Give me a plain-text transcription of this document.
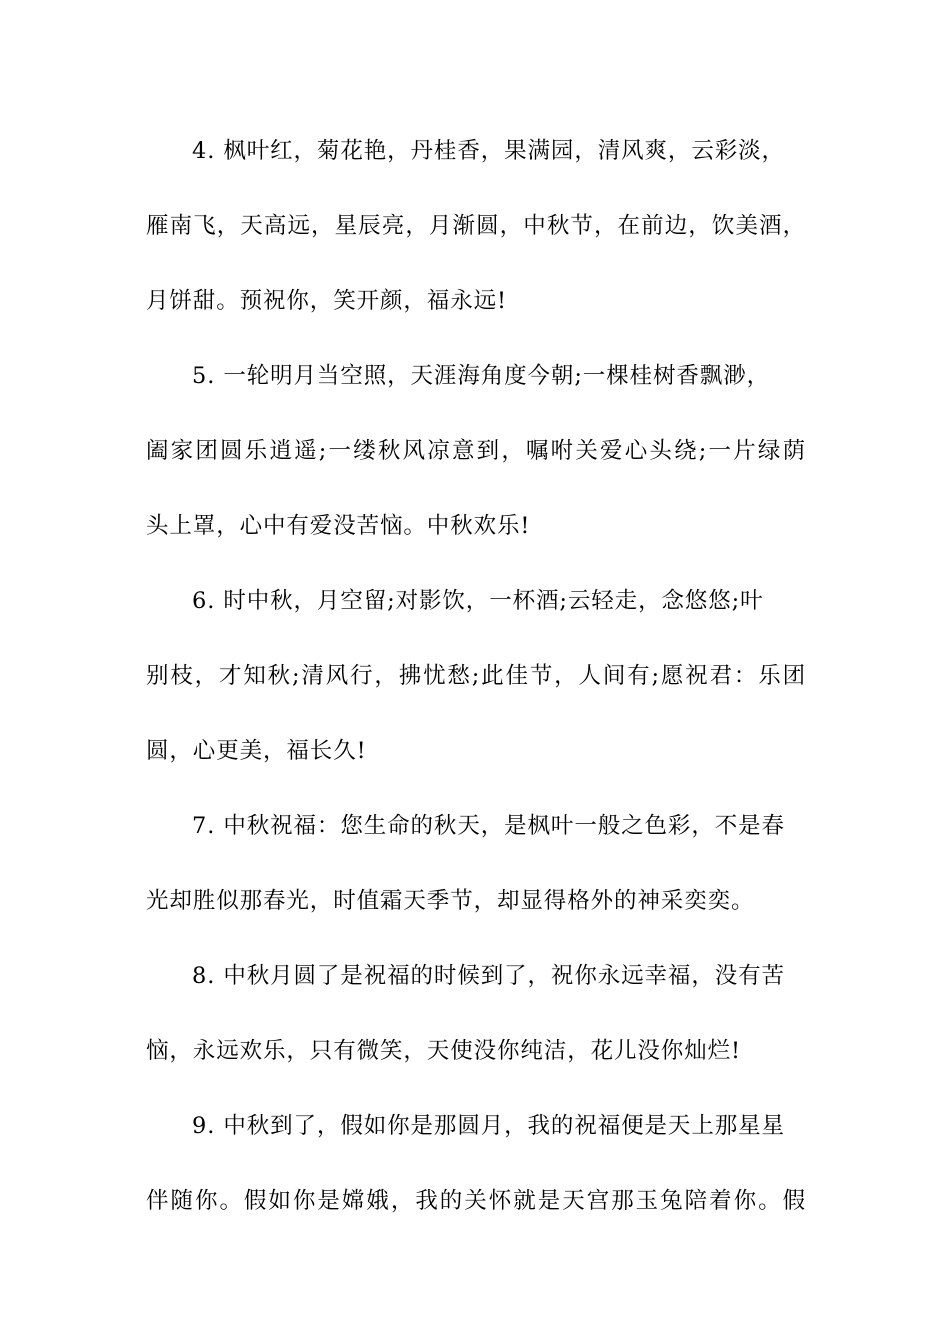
4. 枫叶红，菊花艳，丹桂香，果满园，清风爽，云彩淡，
雁南飞，天高远，星辰亮，月渐圆，中秋节，在前边，饮美酒，
月饼甜。预祝你，笑开颜，福永远!
5. 一轮明月当空照，天涯海角度今朝;一棵桂树香飘渺，
阖家团圆乐逍遥;一缕秋风凉意到，嘱咐关爱心头绕;一片绿荫
头上罩，心中有爱没苦恼。中秋欢乐!
6. 时中秋，月空留;对影饮，一杯酒;云轻走，念悠悠;叶
别枝，才知秋;清风行，拂忧愁;此佳节，人间有;愿祝君：乐团
圆，心更美，福长久!
7. 中秋祝福：您生命的秋天，是枫叶一般之色彩，不是春
光却胜似那春光，时值霜天季节，却显得格外的神采奕奕。
8. 中秋月圆了是祝福的时候到了，祝你永远幸福，没有苦
恼，永远欢乐，只有微笑，天使没你纯洁，花儿没你灿烂!
9. 中秋到了，假如你是那圆月，我的祝福便是天上那星星
伴随你。假如你是嫦娥，我的关怀就是天宫那玉兔陪着你。假
